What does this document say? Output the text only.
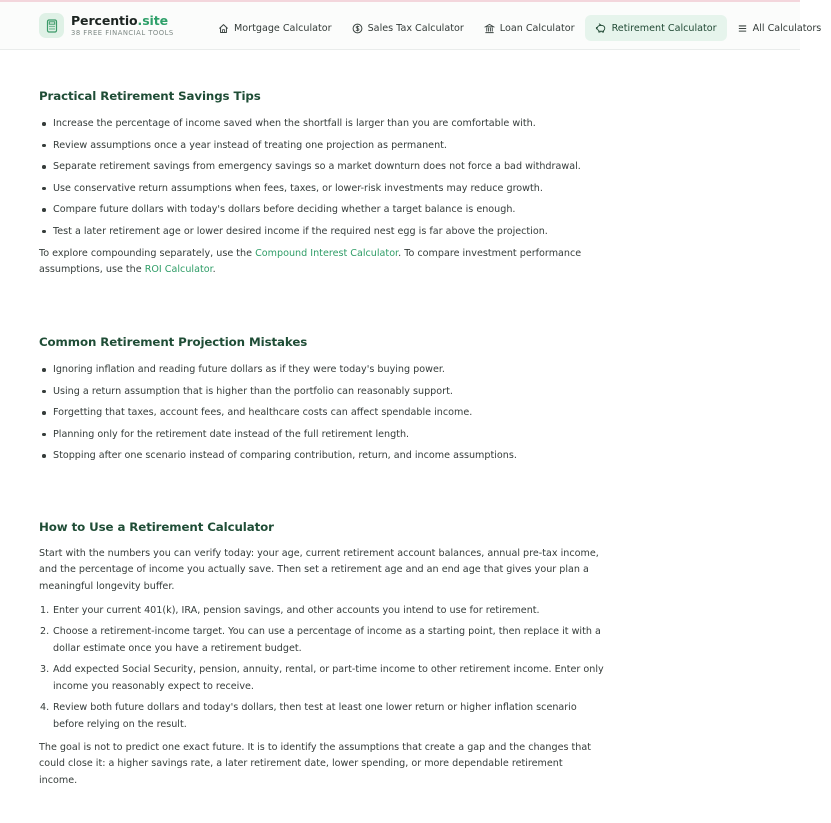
Percentio.site
38 FREE FINANCIAL TOOLS	Mortgage Calculator	Sales Tax Calculator	Loan Calculator	Retirement Calculator	All Calculators
Practical Retirement Savings Tips
Increase the percentage of income saved when the shortfall is larger than you are comfortable with.
Review assumptions once a year instead of treating one projection as permanent.
Separate retirement savings from emergency savings so a market downturn does not force a bad withdrawal.
Use conservative return assumptions when fees, taxes, or lower-risk investments may reduce growth.
Compare future dollars with today's dollars before deciding whether a target balance is enough.
Test a later retirement age or lower desired income if the required nest egg is far above the projection.

To explore compounding separately, use the Compound Interest Calculator. To compare investment performance
assumptions, use the ROI Calculator.

Common Retirement Projection Mistakes
Ignoring inflation and reading future dollars as if they were today's buying power.
Using a return assumption that is higher than the portfolio can reasonably support.
Forgetting that taxes, account fees, and healthcare costs can affect spendable income.
Planning only for the retirement date instead of the full retirement length.
Stopping after one scenario instead of comparing contribution, return, and income assumptions.
How to Use a Retirement Calculator

Start with the numbers you can verify today: your age, current retirement account balances, annual pre-tax income,
and the percentage of income you actually save. Then set a retirement age and an end age that gives your plan a
meaningful longevity buffer.

1. Enter your current 401(k), IRA, pension savings, and other accounts you intend to use for retirement.
2. Choose a retirement-income target. You can use a percentage of income as a starting point, then replace it with a
dollar estimate once you have a retirement budget.
3. Add expected Social Security, pension, annuity, rental, or part-time income to other retirement income. Enter only
income you reasonably expect to receive.
4. Review both future dollars and today's dollars, then test at least one lower return or higher inflation scenario
before relying on the result.

The goal is not to predict one exact future. It is to identify the assumptions that create a gap and the changes that
could close it: a higher savings rate, a later retirement date, lower spending, or more dependable retirement income.
